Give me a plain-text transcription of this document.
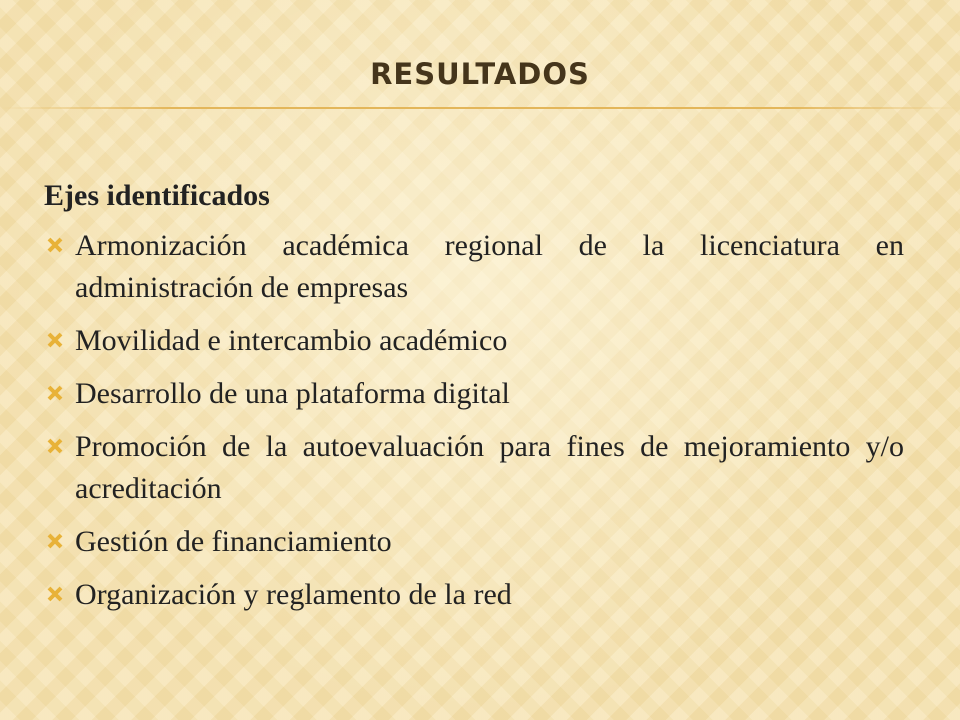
RESULTADOS
Ejes identificados
Armonización académica regional de la licenciatura en administración de empresas
Movilidad e intercambio académico
Desarrollo de una plataforma digital
Promoción de la autoevaluación para fines de mejoramiento y/o acreditación
Gestión de financiamiento
Organización y reglamento de la red
